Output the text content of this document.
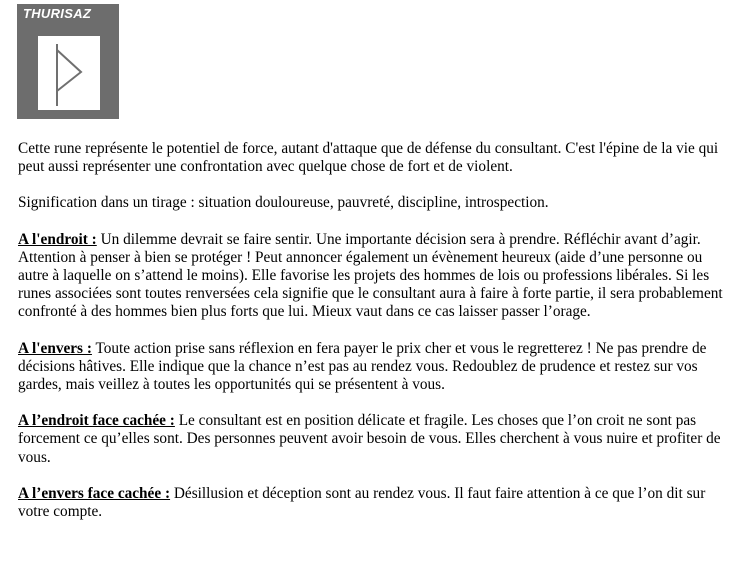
THURISAZ

Cette rune représente le potentiel de force, autant d'attaque que de défense du consultant. C'est l'épine de la vie qui peut aussi représenter une confrontation avec quelque chose de fort et de violent.

Signification dans un tirage : situation douloureuse, pauvreté, discipline, introspection.

A l'endroit : Un dilemme devrait se faire sentir. Une importante décision sera à prendre. Réfléchir avant d’agir. Attention à penser à bien se protéger ! Peut annoncer également un évènement heureux (aide d’une personne ou autre à laquelle on s’attend le moins). Elle favorise les projets des hommes de lois ou professions libérales. Si les runes associées sont toutes renversées cela signifie que le consultant aura à faire à forte partie, il sera probablement confronté à des hommes bien plus forts que lui. Mieux vaut dans ce cas laisser passer l’orage.

A l'envers : Toute action prise sans réflexion en fera payer le prix cher et vous le regretterez ! Ne pas prendre de décisions hâtives. Elle indique que la chance n’est pas au rendez vous. Redoublez de prudence et restez sur vos gardes, mais veillez à toutes les opportunités qui se présentent à vous.

A l’endroit face cachée : Le consultant est en position délicate et fragile. Les choses que l’on croit ne sont pas forcement ce qu’elles sont. Des personnes peuvent avoir besoin de vous. Elles cherchent à vous nuire et profiter de vous.

A l’envers face cachée : Désillusion et déception sont au rendez vous. Il faut faire attention à ce que l’on dit sur votre compte.
